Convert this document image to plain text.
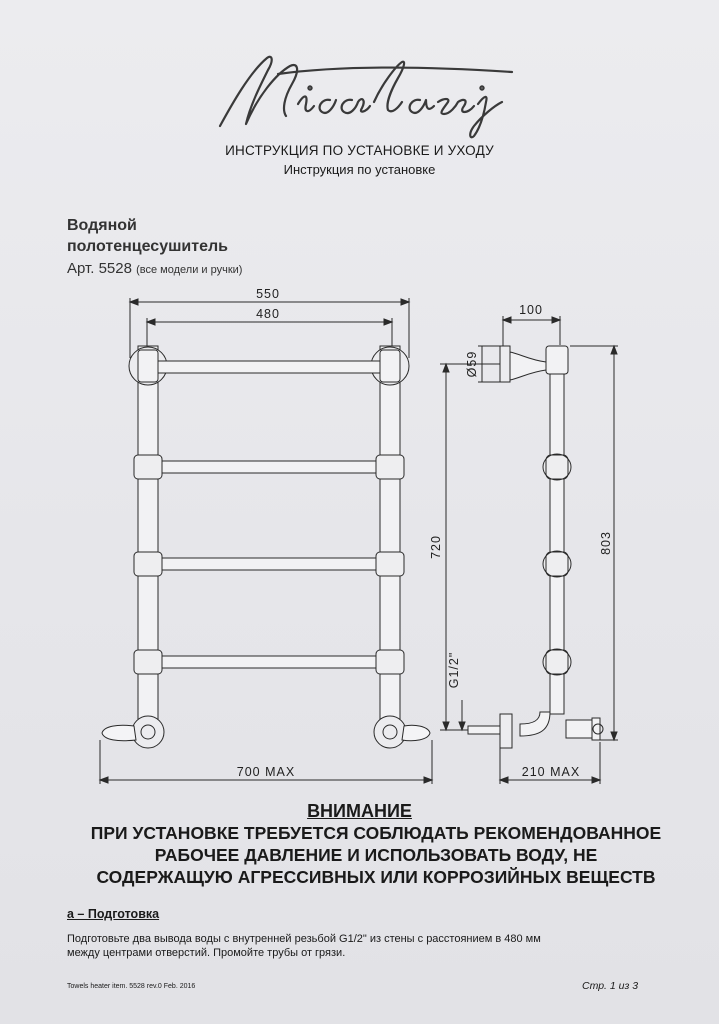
ИНСТРУКЦИЯ ПО УСТАНОВКЕ И УХОДУ
Инструкция по установке
Водяной
полотенцесушитель
Арт. 5528 (все модели и ручки)
550
480	100
700 MAX	210 MAX
Ø59
720	803
G1/2"
ВНИМАНИЕ
ПРИ УСТАНОВКЕ ТРЕБУЕТСЯ СОБЛЮДАТЬ РЕКОМЕНДОВАННОЕ
РАБОЧЕЕ ДАВЛЕНИЕ И ИСПОЛЬЗОВАТЬ ВОДУ, НЕ
СОДЕРЖАЩУЮ АГРЕССИВНЫХ ИЛИ КОРРОЗИЙНЫХ ВЕЩЕСТВ
a – Подготовка
Подготовьте два вывода воды с внутренней резьбой G1/2" из стены с расстоянием в 480 мм
между центрами отверстий. Промойте трубы от грязи.
Towels heater item. 5528 rev.0 Feb. 2016	Стр. 1 из 3
